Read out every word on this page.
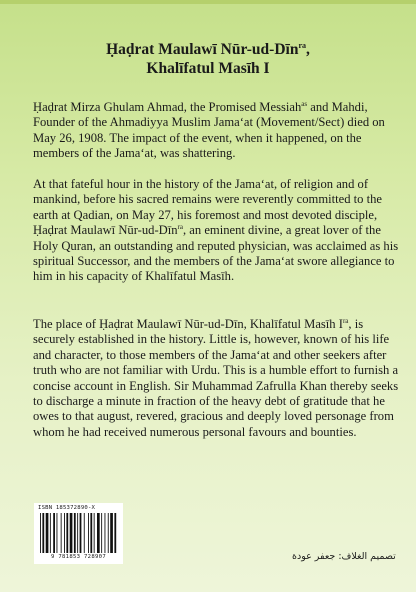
Ḥaḍrat Maulawī Nūr-ud-Dīn$^{ra}$,
Khalīfatul Masīh I

Ḥaḍrat Mirza Ghulam Ahmad, the Promised Messiah$^{as}$ and Mahdi, Founder of the Ahmadiyya Muslim Jama‘at (Movement/Sect) died on May 26, 1908. The impact of the event, when it happened, on the members of the Jama‘at, was shattering.

At that fateful hour in the history of the Jama‘at, of religion and of mankind, before his sacred remains were reverently committed to the earth at Qadian, on May 27, his foremost and most devoted disciple, Ḥaḍrat Maulawī Nūr-ud-Dīn$^{ra}$, an eminent divine, a great lover of the Holy Quran, an outstanding and reputed physician, was acclaimed as his spiritual Successor, and the members of the Jama‘at swore allegiance to him in his capacity of Khalīfatul Masīh.

The place of Ḥaḍrat Maulawī Nūr-ud-Dīn, Khalīfatul Masīh $I^{ra}$, is securely established in the history. Little is, however, known of his life and character, to those members of the Jama‘at and other seekers after truth who are not familiar with Urdu. This is a humble effort to furnish a concise account in English. Sir Muhammad Zafrulla Khan thereby seeks to discharge a minute in fraction of the heavy debt of gratitude that he owes to that august, revered, gracious and deeply loved personage from whom he had received numerous personal favours and bounties.

ISBN 185372890-X
9 781853 728907	تصميم الغلاف: جعفر عودة
